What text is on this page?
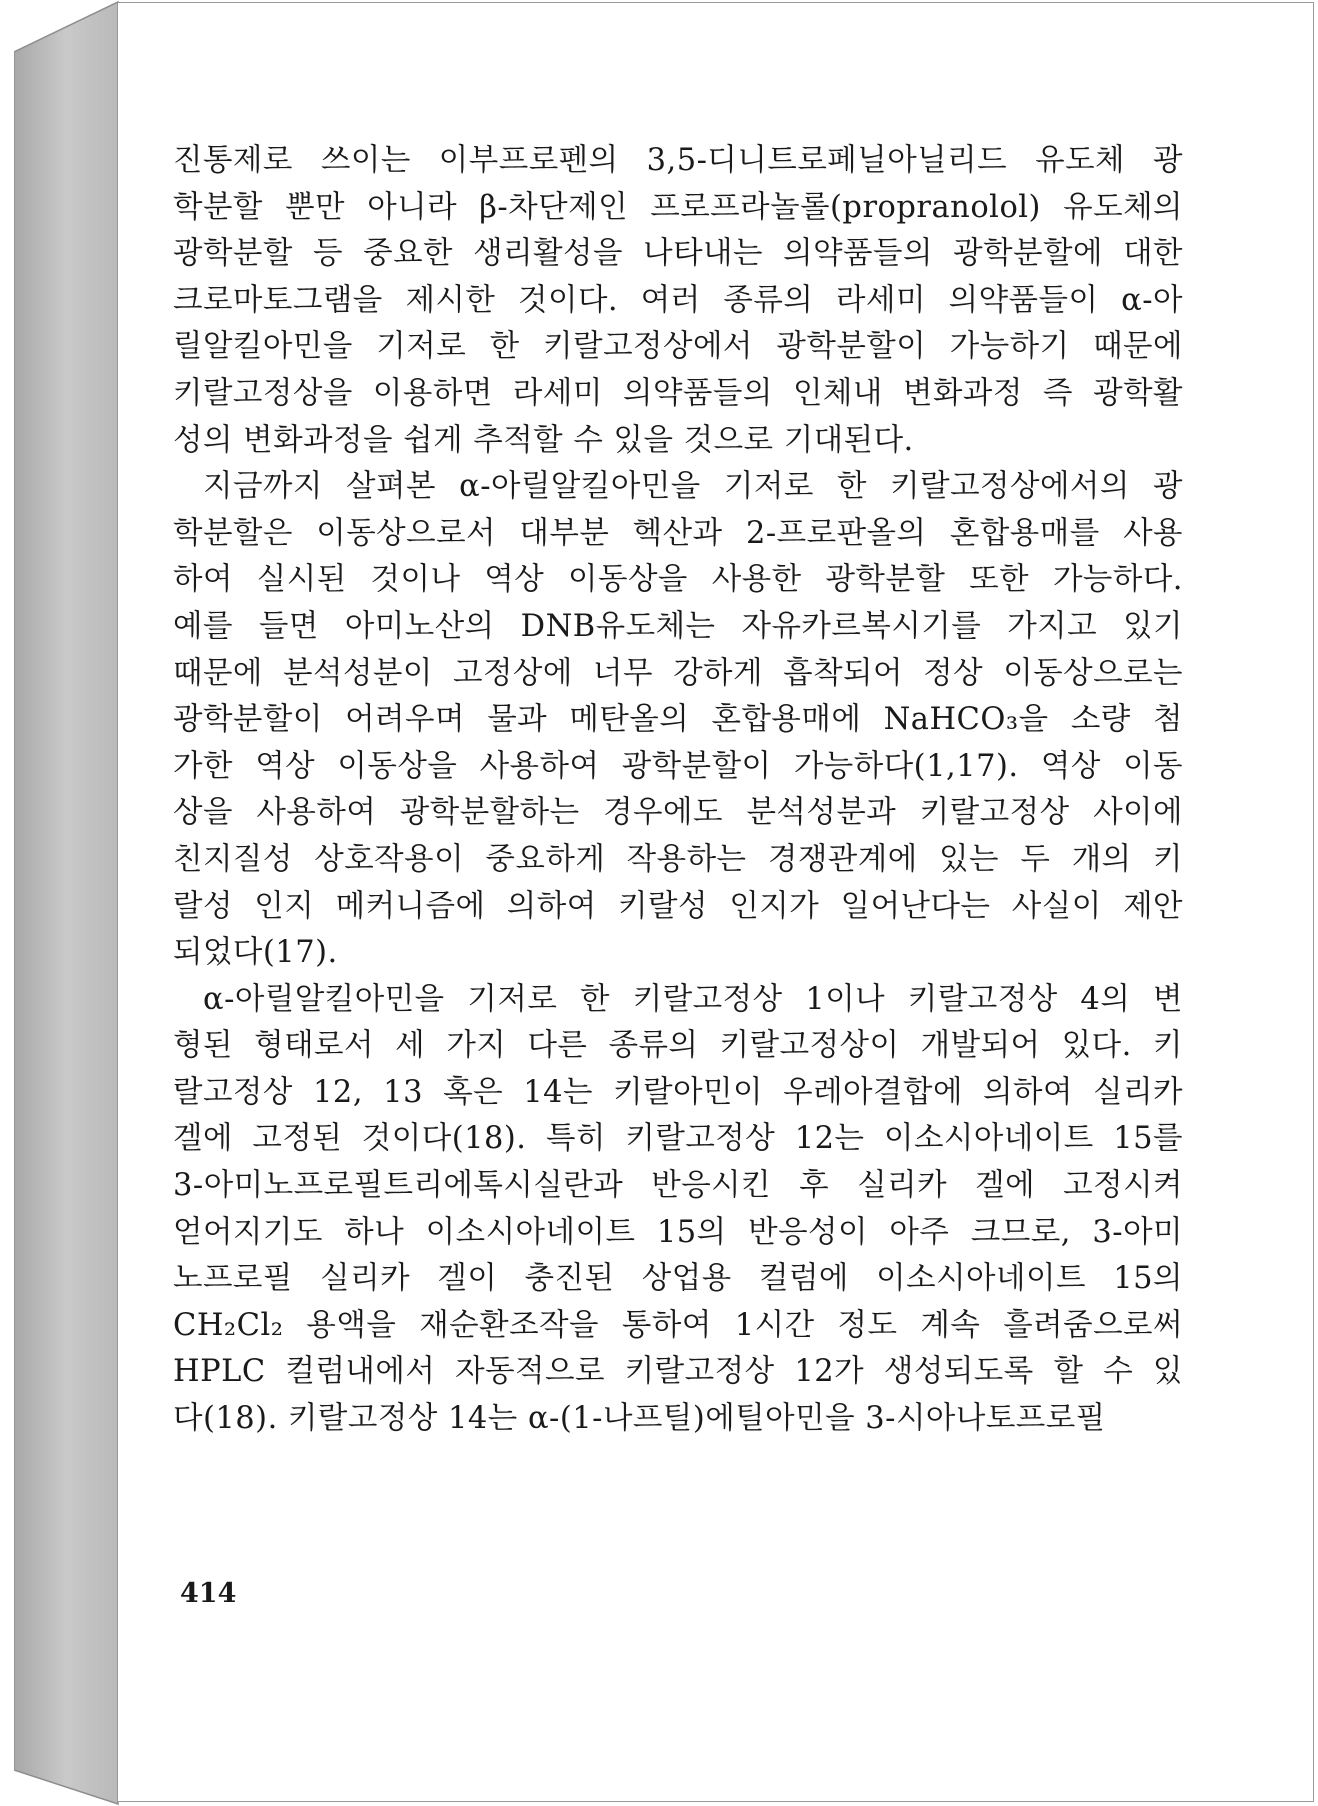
진통제로 쓰이는 이부프로펜의 3,5-디니트로페닐아닐리드 유도체 광
학분할 뿐만 아니라 β-차단제인 프로프라놀롤(propranolol) 유도체의
광학분할 등 중요한 생리활성을 나타내는 의약품들의 광학분할에 대한
크로마토그램을 제시한 것이다. 여러 종류의 라세미 의약품들이 α-아
릴알킬아민을 기저로 한 키랄고정상에서 광학분할이 가능하기 때문에
키랄고정상을 이용하면 라세미 의약품들의 인체내 변화과정 즉 광학활
성의 변화과정을 쉽게 추적할 수 있을 것으로 기대된다.
지금까지 살펴본 α-아릴알킬아민을 기저로 한 키랄고정상에서의 광
학분할은 이동상으로서 대부분 헥산과 2-프로판올의 혼합용매를 사용
하여 실시된 것이나 역상 이동상을 사용한 광학분할 또한 가능하다.
예를 들면 아미노산의 DNB유도체는 자유카르복시기를 가지고 있기
때문에 분석성분이 고정상에 너무 강하게 흡착되어 정상 이동상으로는
광학분할이 어려우며 물과 메탄올의 혼합용매에 NaHCO₃을 소량 첨
가한 역상 이동상을 사용하여 광학분할이 가능하다(1,17). 역상 이동
상을 사용하여 광학분할하는 경우에도 분석성분과 키랄고정상 사이에
친지질성 상호작용이 중요하게 작용하는 경쟁관계에 있는 두 개의 키
랄성 인지 메커니즘에 의하여 키랄성 인지가 일어난다는 사실이 제안
되었다(17).
α-아릴알킬아민을 기저로 한 키랄고정상 1이나 키랄고정상 4의 변
형된 형태로서 세 가지 다른 종류의 키랄고정상이 개발되어 있다. 키
랄고정상 12, 13 혹은 14는 키랄아민이 우레아결합에 의하여 실리카
겔에 고정된 것이다(18). 특히 키랄고정상 12는 이소시아네이트 15를
3-아미노프로필트리에톡시실란과 반응시킨 후 실리카 겔에 고정시켜
얻어지기도 하나 이소시아네이트 15의 반응성이 아주 크므로, 3-아미
노프로필 실리카 겔이 충진된 상업용 컬럼에 이소시아네이트 15의
CH₂Cl₂ 용액을 재순환조작을 통하여 1시간 정도 계속 흘려줌으로써
HPLC 컬럼내에서 자동적으로 키랄고정상 12가 생성되도록 할 수 있
다(18). 키랄고정상 14는 α-(1-나프틸)에틸아민을 3-시아나토프로필
414
